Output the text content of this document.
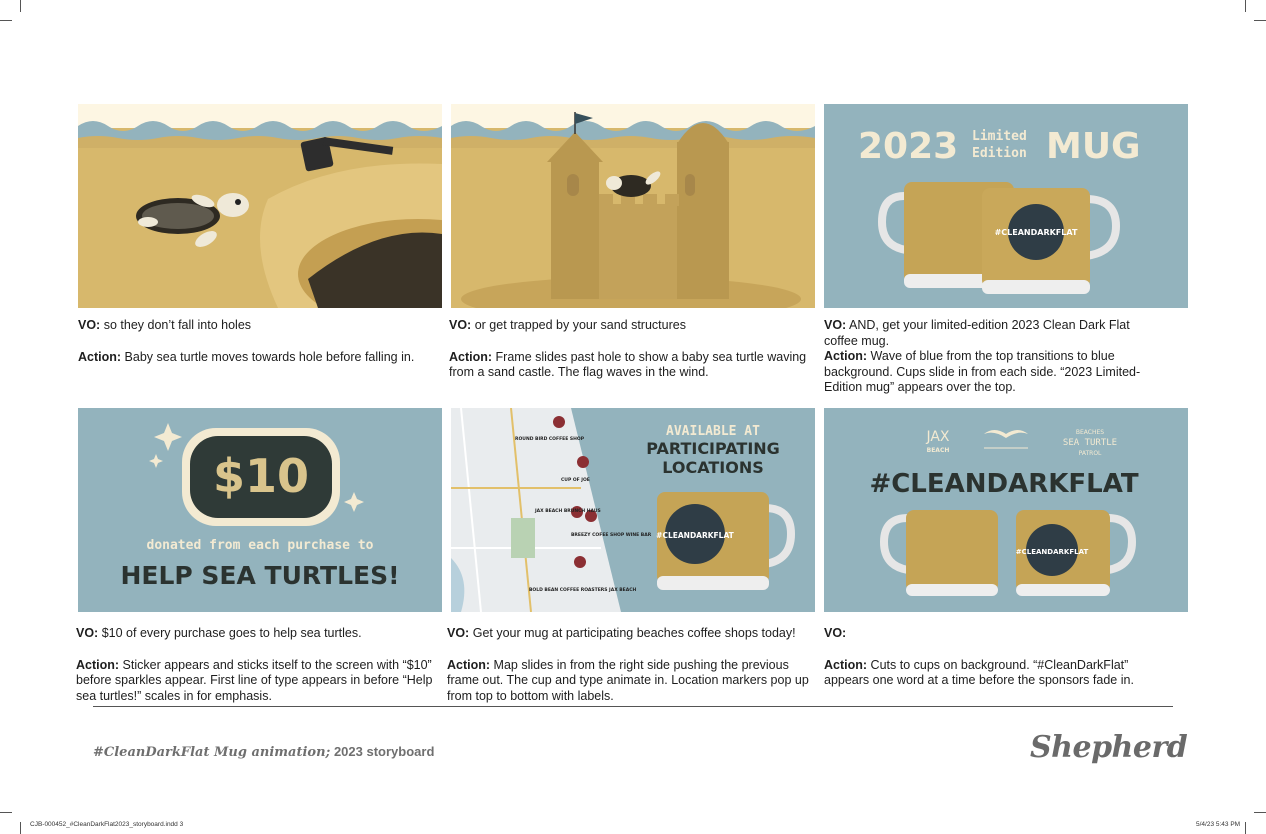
VO: so they don’t fall into holes

Action: Baby sea turtle moves towards hole before falling in.

VO: or get trapped by your sand structures

Action: Frame slides past hole to show a baby sea turtle waving from a sand castle. The flag waves in the wind.

2023 Limited
Edition MUG
#CLEANDARKFLAT

VO: AND, get your limited-edition 2023 Clean Dark Flat coffee mug.

Action: Wave of blue from the top transitions to blue background. Cups slide in from each side. “2023 Limited-Edition mug” appears over the top.

$10
donated from each purchase to
HELP SEA TURTLES!

VO: $10 of every purchase goes to help sea turtles.

Action: Sticker appears and sticks itself to the screen with “$10” before sparkles appear. First line of type appears in before “Help sea turtles!” scales in for emphasis.

ROUND BIRD COFFEE SHOP
CUP OF JOE
JAX BEACH BRUNCH HAUS
BREEZY COFEE SHOP WINE BAR
BOLD BEAN COFFEE ROASTERS JAX BEACH
AVAILABLE AT
PARTICIPATING
LOCATIONS
#CLEANDARKFLAT

VO: Get your mug at participating beaches coffee shops today!

Action: Map slides in from the right side pushing the previous frame out. The cup and type animate in. Location markers pop up from top to bottom with labels.

JAX
BEACH
BEACHES
SEA TURTLE
PATROL
#CLEANDARKFLAT
#CLEANDARKFLAT

VO:

Action: Cuts to cups on background. “#CleanDarkFlat” appears one word at a time before the sponsors fade in.

#CleanDarkFlat Mug animation; 2023 storyboard	Shepherd
CJB-000452_#CleanDarkFlat2023_storyboard.indd 3	5/4/23 5:43 PM
